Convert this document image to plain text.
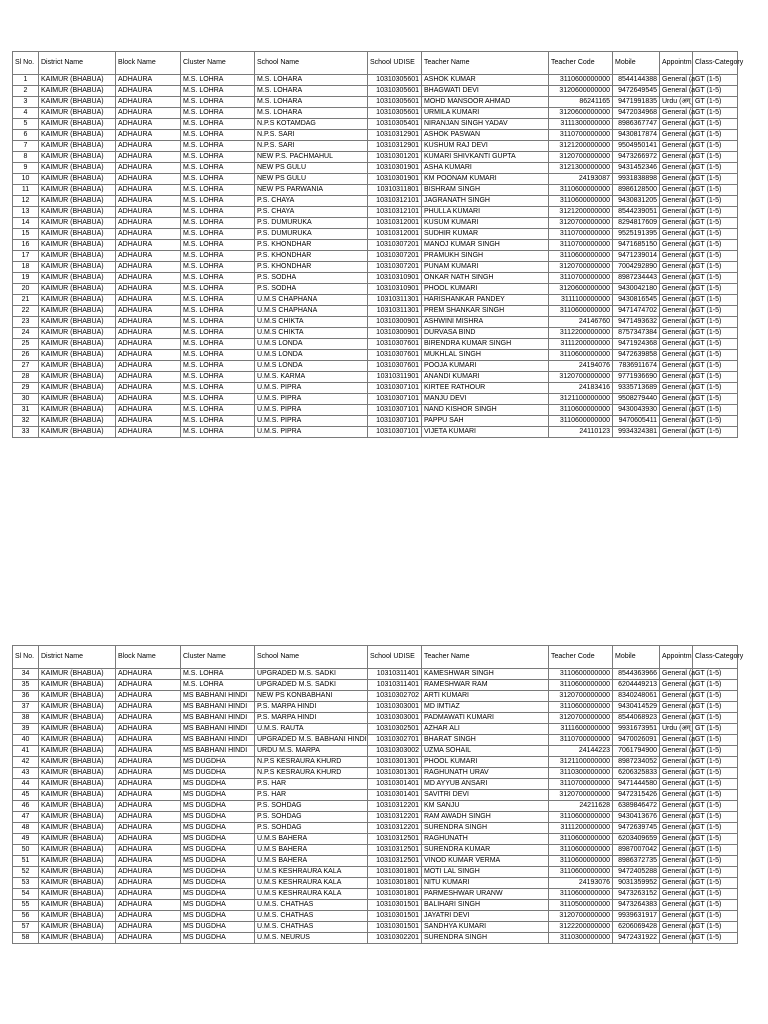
Sl No.	District Name	Block Name	Cluster Name	School Name	School UDISE	Teacher Name	Teacher Code	Mobile	Appointm	Class-Category
1	KAIMUR (BHABUA)	ADHAURA	M.S. LOHRA	M.S. LOHARA	10310305601	ASHOK KUMAR	3110600000000	8544144388	General (a	GT (1-5)
2	KAIMUR (BHABUA)	ADHAURA	M.S. LOHRA	M.S. LOHARA	10310305601	BHAGWATI DEVI	3120600000000	9472649545	General (a	GT (1-5)
3	KAIMUR (BHABUA)	ADHAURA	M.S. LOHRA	M.S. LOHARA	10310305601	MOHD MANSOOR AHMAD	86241165	9471991835	Urdu (अग्	GT (1-5)
4	KAIMUR (BHABUA)	ADHAURA	M.S. LOHRA	M.S. LOHARA	10310305601	URMILA KUMARI	3120600000000	9472034968	General (a	GT (1-5)
5	KAIMUR (BHABUA)	ADHAURA	M.S. LOHRA	N.P.S KOTAMDAG	10310305401	NIRANJAN SINGH YADAV	3111300000000	8986367747	General (a	GT (1-5)
6	KAIMUR (BHABUA)	ADHAURA	M.S. LOHRA	N.P.S. SARI	10310312901	ASHOK PASWAN	3110700000000	9430817874	General (a	GT (1-5)
7	KAIMUR (BHABUA)	ADHAURA	M.S. LOHRA	N.P.S. SARI	10310312901	KUSHUM RAJ DEVI	3121200000000	9504950141	General (a	GT (1-5)
8	KAIMUR (BHABUA)	ADHAURA	M.S. LOHRA	NEW P.S. PACHMAHUL	10310301201	KUMARI SHIVKANTI GUPTA	3120700000000	9473266972	General (a	GT (1-5)
9	KAIMUR (BHABUA)	ADHAURA	M.S. LOHRA	NEW PS GULU	10310301901	ASHA KUMARI	3121300000000	9431452346	General (a	GT (1-5)
10	KAIMUR (BHABUA)	ADHAURA	M.S. LOHRA	NEW PS GULU	10310301901	KM POONAM KUMARI	24193087	9931838898	General (a	GT (1-5)
11	KAIMUR (BHABUA)	ADHAURA	M.S. LOHRA	NEW PS PARWANIA	10310311801	BISHRAM SINGH	3110600000000	8986128500	General (a	GT (1-5)
12	KAIMUR (BHABUA)	ADHAURA	M.S. LOHRA	P.S. CHAYA	10310312101	JAGRANATH SINGH	3110600000000	9430831205	General (a	GT (1-5)
13	KAIMUR (BHABUA)	ADHAURA	M.S. LOHRA	P.S. CHAYA	10310312101	PHULLA KUMARI	3121200000000	8544239051	General (a	GT (1-5)
14	KAIMUR (BHABUA)	ADHAURA	M.S. LOHRA	P.S. DUMURUKA	10310312001	KUSUM KUMARI	3120700000000	8294817609	General (a	GT (1-5)
15	KAIMUR (BHABUA)	ADHAURA	M.S. LOHRA	P.S. DUMURUKA	10310312001	SUDHIR KUMAR	3110700000000	9525191395	General (a	GT (1-5)
16	KAIMUR (BHABUA)	ADHAURA	M.S. LOHRA	P.S. KHONDHAR	10310307201	MANOJ KUMAR SINGH	3110700000000	9471685150	General (a	GT (1-5)
17	KAIMUR (BHABUA)	ADHAURA	M.S. LOHRA	P.S. KHONDHAR	10310307201	PRAMUKH SINGH	3110600000000	9471239014	General (a	GT (1-5)
18	KAIMUR (BHABUA)	ADHAURA	M.S. LOHRA	P.S. KHONDHAR	10310307201	PUNAM KUMARI	3120700000000	7004292890	General (a	GT (1-5)
19	KAIMUR (BHABUA)	ADHAURA	M.S. LOHRA	P.S. SODHA	10310310901	ONKAR NATH SINGH	3110700000000	8987234443	General (a	GT (1-5)
20	KAIMUR (BHABUA)	ADHAURA	M.S. LOHRA	P.S. SODHA	10310310901	PHOOL KUMARI	3120600000000	9430042180	General (a	GT (1-5)
21	KAIMUR (BHABUA)	ADHAURA	M.S. LOHRA	U.M.S CHAPHANA	10310311301	HARISHANKAR PANDEY	3111100000000	9430816545	General (a	GT (1-5)
22	KAIMUR (BHABUA)	ADHAURA	M.S. LOHRA	U.M.S CHAPHANA	10310311301	PREM SHANKAR SINGH	3110600000000	9471474702	General (a	GT (1-5)
23	KAIMUR (BHABUA)	ADHAURA	M.S. LOHRA	U.M.S CHIKTA	10310300901	ASHWINI MISHRA	24146760	9471493632	General (a	GT (1-5)
24	KAIMUR (BHABUA)	ADHAURA	M.S. LOHRA	U.M.S CHIKTA	10310300901	DURVASA BIND	3112200000000	8757347384	General (a	GT (1-5)
25	KAIMUR (BHABUA)	ADHAURA	M.S. LOHRA	U.M.S LONDA	10310307601	BIRENDRA KUMAR SINGH	3111200000000	9471924368	General (a	GT (1-5)
26	KAIMUR (BHABUA)	ADHAURA	M.S. LOHRA	U.M.S LONDA	10310307601	MUKHLAL SINGH	3110600000000	9472639858	General (a	GT (1-5)
27	KAIMUR (BHABUA)	ADHAURA	M.S. LOHRA	U.M.S LONDA	10310307601	POOJA KUMARI	24194076	7836911674	General (a	GT (1-5)
28	KAIMUR (BHABUA)	ADHAURA	M.S. LOHRA	U.M.S. KARMA	10310311901	ANANDI KUMARI	3120700000000	9771936690	General (a	GT (1-5)
29	KAIMUR (BHABUA)	ADHAURA	M.S. LOHRA	U.M.S. PIPRA	10310307101	KIRTEE RATHOUR	24183416	9335713689	General (a	GT (1-5)
30	KAIMUR (BHABUA)	ADHAURA	M.S. LOHRA	U.M.S. PIPRA	10310307101	MANJU DEVI	3121100000000	9508279440	General (a	GT (1-5)
31	KAIMUR (BHABUA)	ADHAURA	M.S. LOHRA	U.M.S. PIPRA	10310307101	NAND KISHOR SINGH	3110600000000	9430043930	General (a	GT (1-5)
32	KAIMUR (BHABUA)	ADHAURA	M.S. LOHRA	U.M.S. PIPRA	10310307101	PAPPU SAH	3110600000000	9470605411	General (a	GT (1-5)
33	KAIMUR (BHABUA)	ADHAURA	M.S. LOHRA	U.M.S. PIPRA	10310307101	VIJETA KUMARI	24110123	9934324381	General (a	GT (1-5)
Sl No.	District Name	Block Name	Cluster Name	School Name	School UDISE	Teacher Name	Teacher Code	Mobile	Appointm	Class-Category
34	KAIMUR (BHABUA)	ADHAURA	M.S. LOHRA	UPGRADED M.S. SADKI	10310311401	KAMESHWAR SINGH	3110600000000	8544363966	General (a	GT (1-5)
35	KAIMUR (BHABUA)	ADHAURA	M.S. LOHRA	UPGRADED M.S. SADKI	10310311401	RAMESHWAR RAM	3110600000000	6204449213	General (a	GT (1-5)
36	KAIMUR (BHABUA)	ADHAURA	MS BABHANI HINDI	NEW PS KONBABHANI	10310302702	ARTI KUMARI	3120700000000	8340248061	General (a	GT (1-5)
37	KAIMUR (BHABUA)	ADHAURA	MS BABHANI HINDI	P.S. MARPA HINDI	10310303001	MD IMTIAZ	3110600000000	9430414529	General (a	GT (1-5)
38	KAIMUR (BHABUA)	ADHAURA	MS BABHANI HINDI	P.S. MARPA HINDI	10310303001	PADMAWATI KUMARI	3120700000000	8544068923	General (a	GT (1-5)
39	KAIMUR (BHABUA)	ADHAURA	MS BABHANI HINDI	U.M.S. RAUTA	10310302501	AZHAR ALI	3111600000000	9931673951	Urdu (अग्	GT (1-5)
40	KAIMUR (BHABUA)	ADHAURA	MS BABHANI HINDI	UPGRADED M.S. BABHANI HINDI	10310302701	BHARAT SINGH	3110700000000	9470026091	General (a	GT (1-5)
41	KAIMUR (BHABUA)	ADHAURA	MS BABHANI HINDI	URDU M.S. MARPA	10310303002	UZMA SOHAIL	24144223	7061794900	General (a	GT (1-5)
42	KAIMUR (BHABUA)	ADHAURA	MS DUGDHA	N.P.S KESRAURA KHURD	10310301301	PHOOL KUMARI	3121100000000	8987234052	General (a	GT (1-5)
43	KAIMUR (BHABUA)	ADHAURA	MS DUGDHA	N.P.S KESRAURA KHURD	10310301301	RAGHUNATH URAV	3110300000000	6206325833	General (a	GT (1-5)
44	KAIMUR (BHABUA)	ADHAURA	MS DUGDHA	P.S. HAR	10310301401	MD AYYUB ANSARI	3110700000000	9471444580	General (a	GT (1-5)
45	KAIMUR (BHABUA)	ADHAURA	MS DUGDHA	P.S. HAR	10310301401	SAVITRI DEVI	3120700000000	9472315426	General (a	GT (1-5)
46	KAIMUR (BHABUA)	ADHAURA	MS DUGDHA	P.S. SOHDAG	10310312201	KM SANJU	24211628	6389846472	General (a	GT (1-5)
47	KAIMUR (BHABUA)	ADHAURA	MS DUGDHA	P.S. SOHDAG	10310312201	RAM AWADH SINGH	3110600000000	9430413676	General (a	GT (1-5)
48	KAIMUR (BHABUA)	ADHAURA	MS DUGDHA	P.S. SOHDAG	10310312201	SURENDRA SINGH	3111200000000	9472639745	General (a	GT (1-5)
49	KAIMUR (BHABUA)	ADHAURA	MS DUGDHA	U.M.S BAHERA	10310312501	RAGHUNATH	3110600000000	6203409659	General (a	GT (1-5)
50	KAIMUR (BHABUA)	ADHAURA	MS DUGDHA	U.M.S BAHERA	10310312501	SURENDRA KUMAR	3110600000000	8987007042	General (a	GT (1-5)
51	KAIMUR (BHABUA)	ADHAURA	MS DUGDHA	U.M.S BAHERA	10310312501	VINOD KUMAR VERMA	3110600000000	8986372735	General (a	GT (1-5)
52	KAIMUR (BHABUA)	ADHAURA	MS DUGDHA	U.M.S KESHRAURA KALA	10310301801	MOTI LAL SINGH	3110600000000	9472405288	General (a	GT (1-5)
53	KAIMUR (BHABUA)	ADHAURA	MS DUGDHA	U.M.S KESHRAURA KALA	10310301801	NITU KUMARI	24193076	9031359952	General (a	GT (1-5)
54	KAIMUR (BHABUA)	ADHAURA	MS DUGDHA	U.M.S KESHRAURA KALA	10310301801	PARMESHWAR URANW	3110600000000	9473263152	General (a	GT (1-5)
55	KAIMUR (BHABUA)	ADHAURA	MS DUGDHA	U.M.S. CHATHAS	10310301501	BALIHARI SINGH	3110500000000	9473264383	General (a	GT (1-5)
56	KAIMUR (BHABUA)	ADHAURA	MS DUGDHA	U.M.S. CHATHAS	10310301501	JAYATRI DEVI	3120700000000	9939631917	General (a	GT (1-5)
57	KAIMUR (BHABUA)	ADHAURA	MS DUGDHA	U.M.S. CHATHAS	10310301501	SANDHYA KUMARI	3122200000000	6206069428	General (a	GT (1-5)
58	KAIMUR (BHABUA)	ADHAURA	MS DUGDHA	U.M.S. NEURUS	10310302201	SURENDRA SINGH	3110300000000	9472431922	General (a	GT (1-5)
